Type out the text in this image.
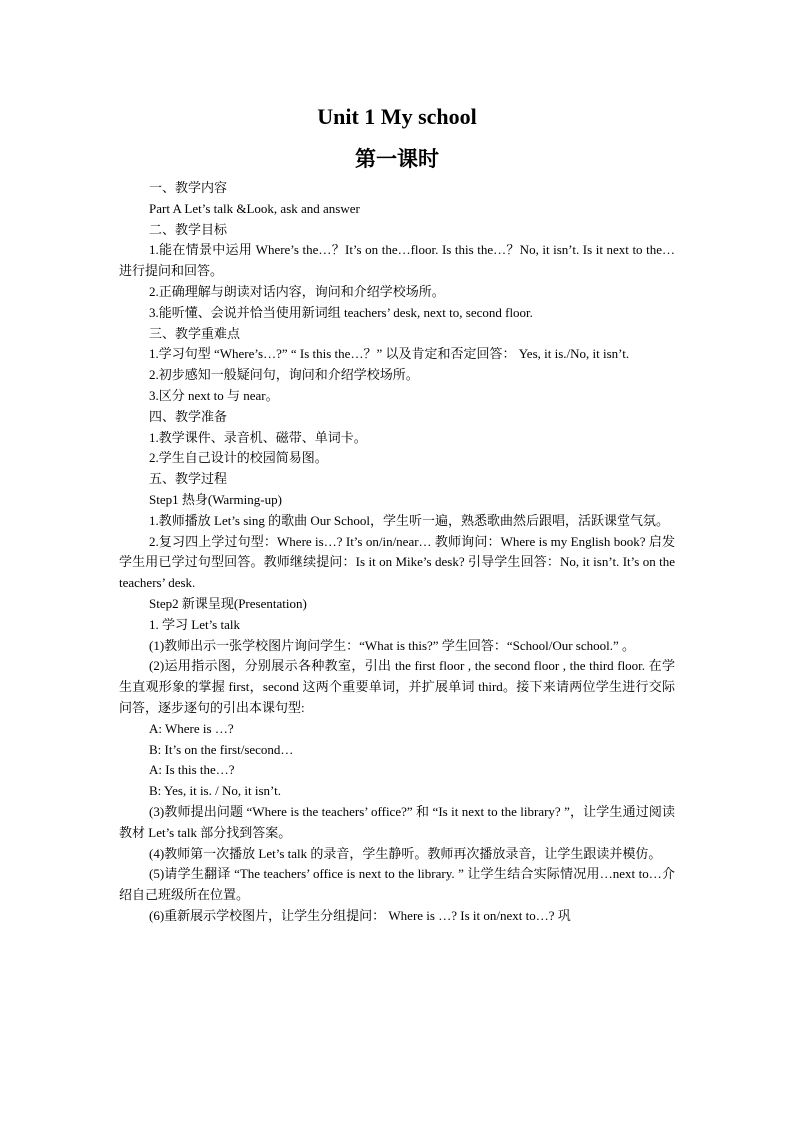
Unit 1 My school
第一课时

一、教学内容

Part A Let’s talk &Look, ask and answer

二、教学目标

1.能在情景中运用 Where’s the…？It’s on the…floor. Is this the…？No, it isn’t. Is it next to the…进行提问和回答。

2.正确理解与朗读对话内容，询问和介绍学校场所。

3.能听懂、会说并恰当使用新词组 teachers’ desk, next to, second floor.

三、教学重难点

1.学习句型 “Where’s…?” “ Is this the…？” 以及肯定和否定回答： Yes, it is./No, it isn’t.

2.初步感知一般疑问句，询问和介绍学校场所。

3.区分 next to 与 near。

四、教学准备

1.教学课件、录音机、磁带、单词卡。

2.学生自己设计的校园简易图。

五、教学过程

Step1 热身(Warming-up)

1.教师播放 Let’s sing 的歌曲 Our School，学生听一遍，熟悉歌曲然后跟唱，活跃课堂气氛。

2.复习四上学过句型：Where is…? It’s on/in/near… 教师询问：Where is my English book? 启发学生用已学过句型回答。教师继续提问：Is it on Mike’s desk? 引导学生回答：No, it isn’t. It’s on the teachers’ desk.

Step2 新课呈现(Presentation)

1. 学习 Let’s talk

(1)教师出示一张学校图片询问学生：“What is this?” 学生回答：“School/Our school.” 。

(2)运用指示图，分别展示各种教室，引出 the first floor , the second floor , the third floor. 在学生直观形象的掌握 first，second 这两个重要单词，并扩展单词 third。接下来请两位学生进行交际问答，逐步逐句的引出本课句型:

A: Where is …?

B: It’s on the first/second…

A: Is this the…?

B: Yes, it is. / No, it isn’t.

(3)教师提出问题 “Where is the teachers’ office?” 和 “Is it next to the library? ”，让学生通过阅读教材 Let’s talk 部分找到答案。

(4)教师第一次播放 Let’s talk 的录音，学生静听。教师再次播放录音，让学生跟读并模仿。

(5)请学生翻译 “The teachers’ office is next to the library. ” 让学生结合实际情况用…next to…介绍自己班级所在位置。

(6)重新展示学校图片，让学生分组提问： Where is …? Is it on/next to…? 巩
